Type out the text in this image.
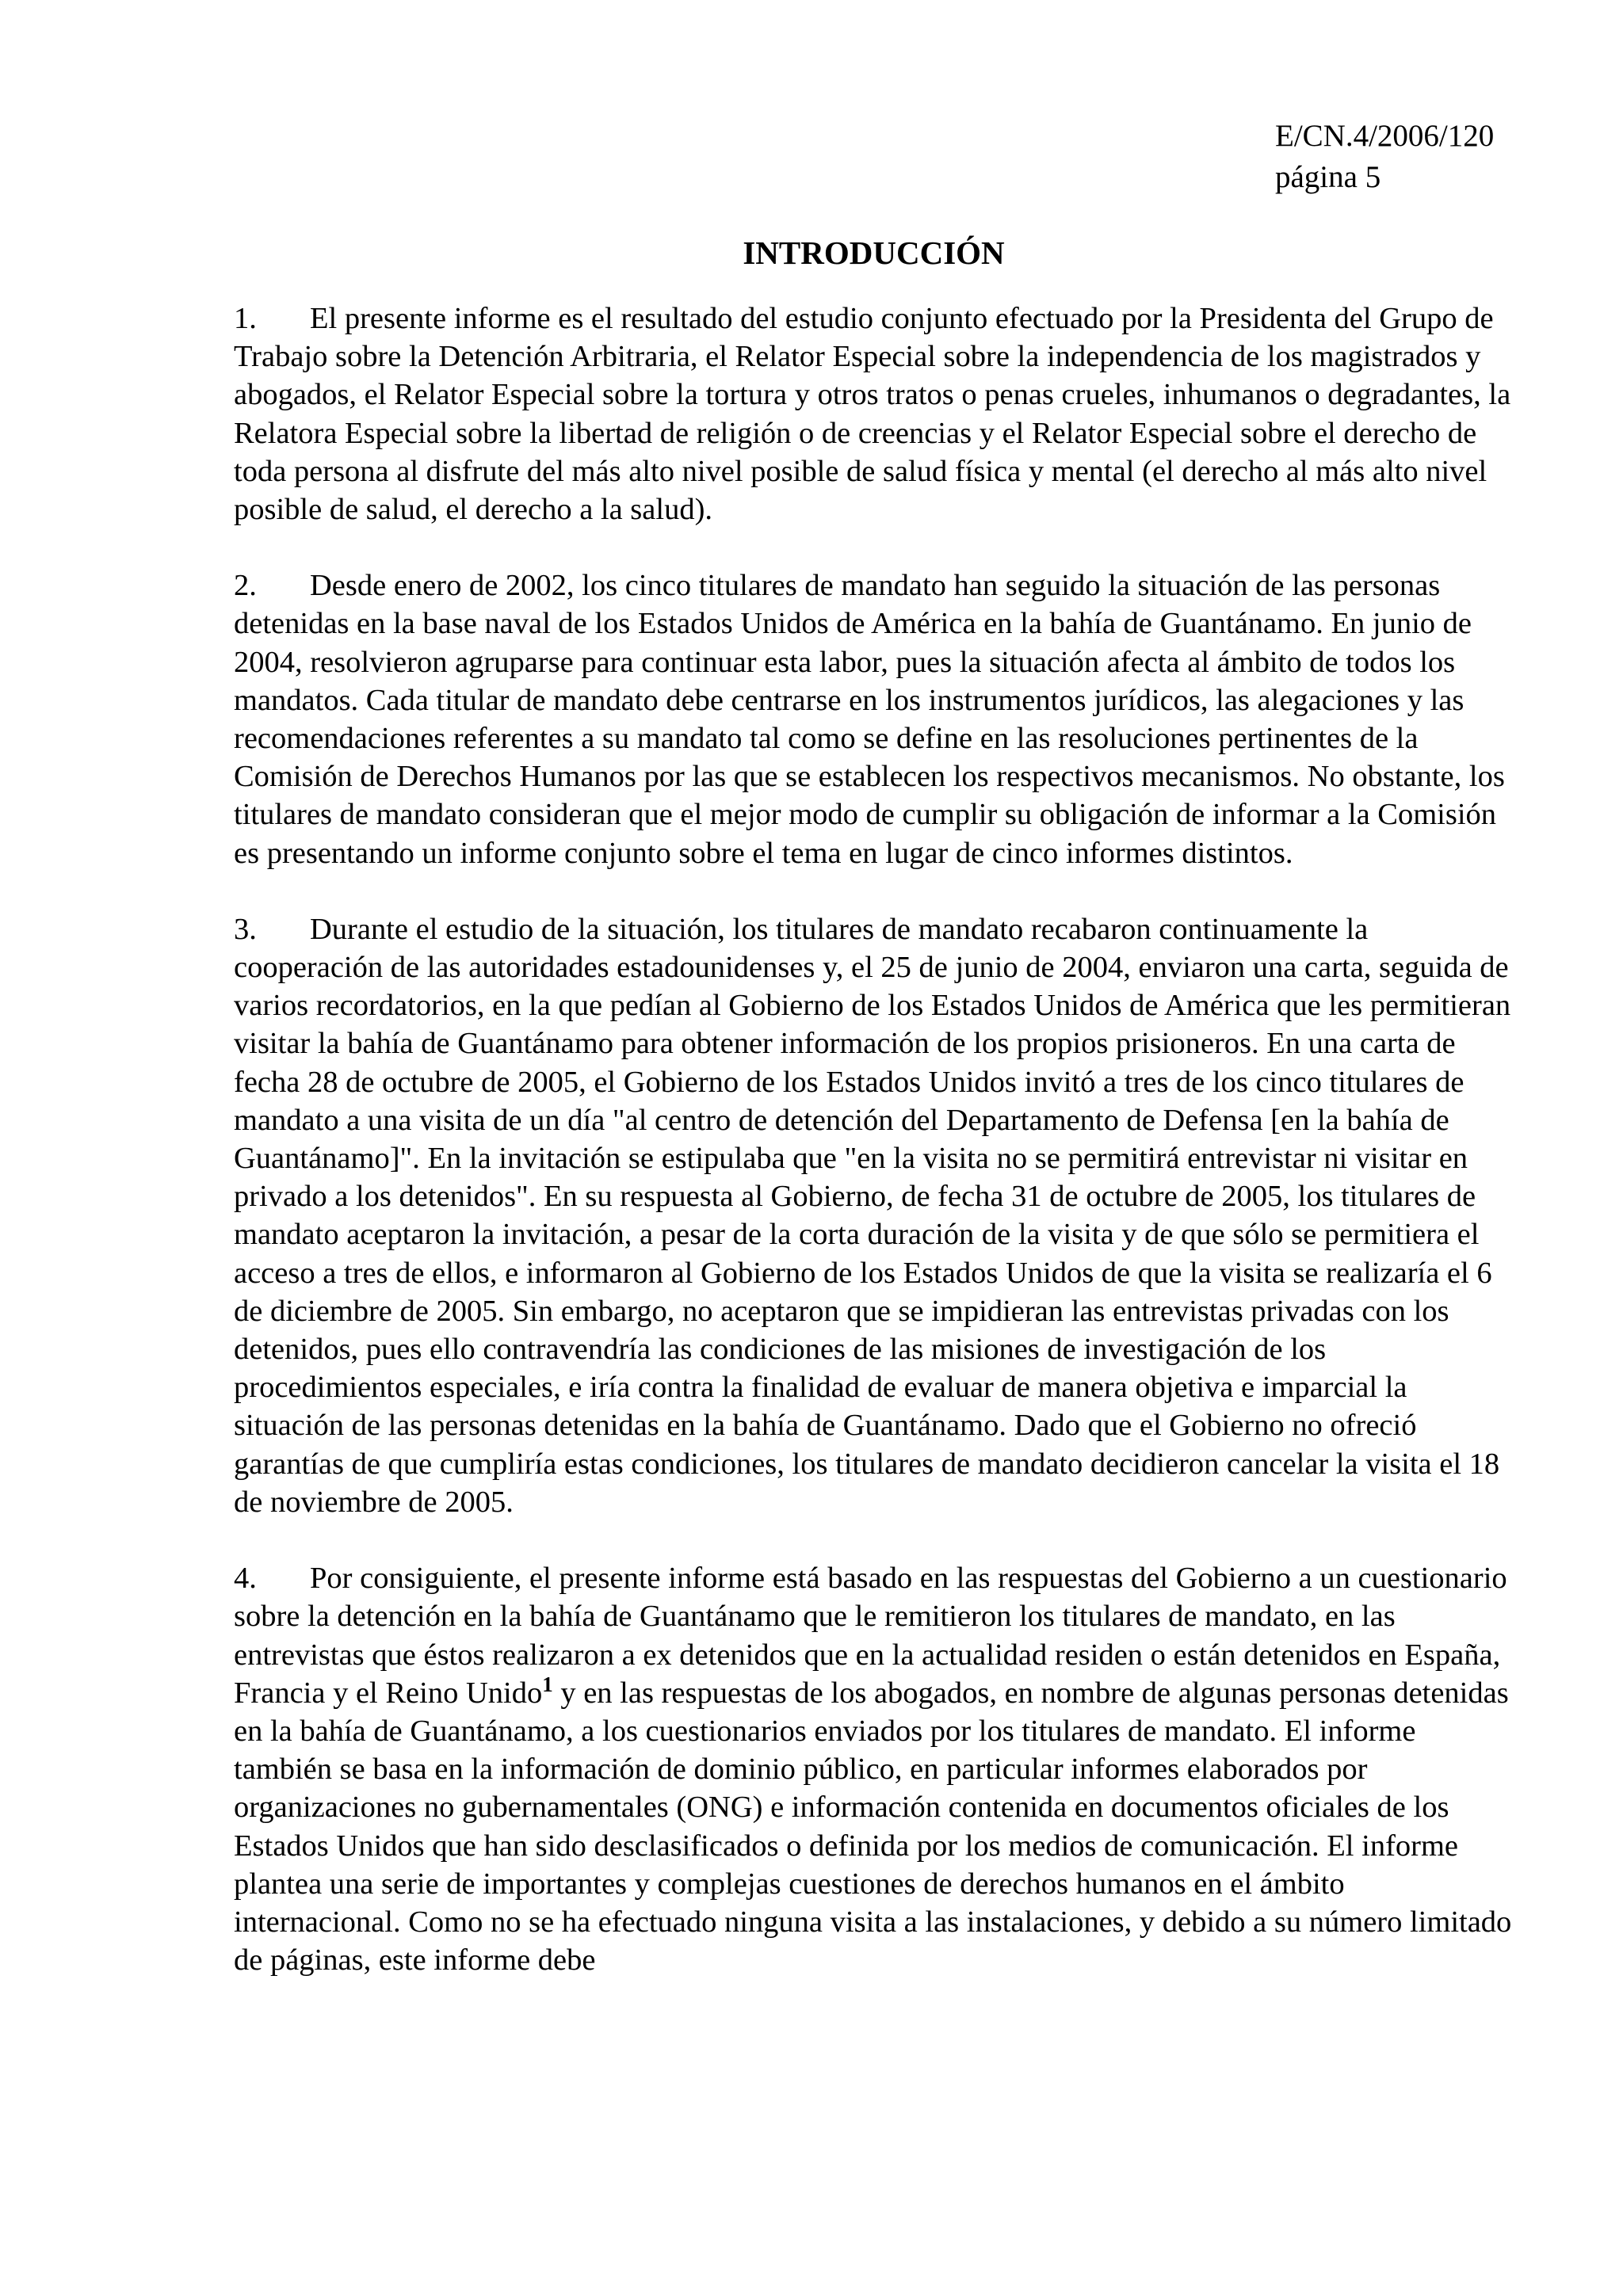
E/CN.4/2006/120
página 5
INTRODUCCIÓN

1. El presente informe es el resultado del estudio conjunto efectuado por la Presidenta del Grupo de Trabajo sobre la Detención Arbitraria, el Relator Especial sobre la independencia de los magistrados y abogados, el Relator Especial sobre la tortura y otros tratos o penas crueles, inhumanos o degradantes, la Relatora Especial sobre la libertad de religión o de creencias y el Relator Especial sobre el derecho de toda persona al disfrute del más alto nivel posible de salud física y mental (el derecho al más alto nivel posible de salud, el derecho a la salud).

2. Desde enero de 2002, los cinco titulares de mandato han seguido la situación de las personas detenidas en la base naval de los Estados Unidos de América en la bahía de Guantánamo. En junio de 2004, resolvieron agruparse para continuar esta labor, pues la situación afecta al ámbito de todos los mandatos. Cada titular de mandato debe centrarse en los instrumentos jurídicos, las alegaciones y las recomendaciones referentes a su mandato tal como se define en las resoluciones pertinentes de la Comisión de Derechos Humanos por las que se establecen los respectivos mecanismos. No obstante, los titulares de mandato consideran que el mejor modo de cumplir su obligación de informar a la Comisión es presentando un informe conjunto sobre el tema en lugar de cinco informes distintos.

3. Durante el estudio de la situación, los titulares de mandato recabaron continuamente la cooperación de las autoridades estadounidenses y, el 25 de junio de 2004, enviaron una carta, seguida de varios recordatorios, en la que pedían al Gobierno de los Estados Unidos de América que les permitieran visitar la bahía de Guantánamo para obtener información de los propios prisioneros. En una carta de fecha 28 de octubre de 2005, el Gobierno de los Estados Unidos invitó a tres de los cinco titulares de mandato a una visita de un día "al centro de detención del Departamento de Defensa [en la bahía de Guantánamo]". En la invitación se estipulaba que "en la visita no se permitirá entrevistar ni visitar en privado a los detenidos". En su respuesta al Gobierno, de fecha 31 de octubre de 2005, los titulares de mandato aceptaron la invitación, a pesar de la corta duración de la visita y de que sólo se permitiera el acceso a tres de ellos, e informaron al Gobierno de los Estados Unidos de que la visita se realizaría el 6 de diciembre de 2005. Sin embargo, no aceptaron que se impidieran las entrevistas privadas con los detenidos, pues ello contravendría las condiciones de las misiones de investigación de los procedimientos especiales, e iría contra la finalidad de evaluar de manera objetiva e imparcial la situación de las personas detenidas en la bahía de Guantánamo. Dado que el Gobierno no ofreció garantías de que cumpliría estas condiciones, los titulares de mandato decidieron cancelar la visita el 18 de noviembre de 2005.

4. Por consiguiente, el presente informe está basado en las respuestas del Gobierno a un cuestionario sobre la detención en la bahía de Guantánamo que le remitieron los titulares de mandato, en las entrevistas que éstos realizaron a ex detenidos que en la actualidad residen o están detenidos en España, Francia y el Reino Unido$^1$ y en las respuestas de los abogados, en nombre de algunas personas detenidas en la bahía de Guantánamo, a los cuestionarios enviados por los titulares de mandato. El informe también se basa en la información de dominio público, en particular informes elaborados por organizaciones no gubernamentales (ONG) e información contenida en documentos oficiales de los Estados Unidos que han sido desclasificados o definida por los medios de comunicación. El informe plantea una serie de importantes y complejas cuestiones de derechos humanos en el ámbito internacional. Como no se ha efectuado ninguna visita a las instalaciones, y debido a su número limitado de páginas, este informe debe
